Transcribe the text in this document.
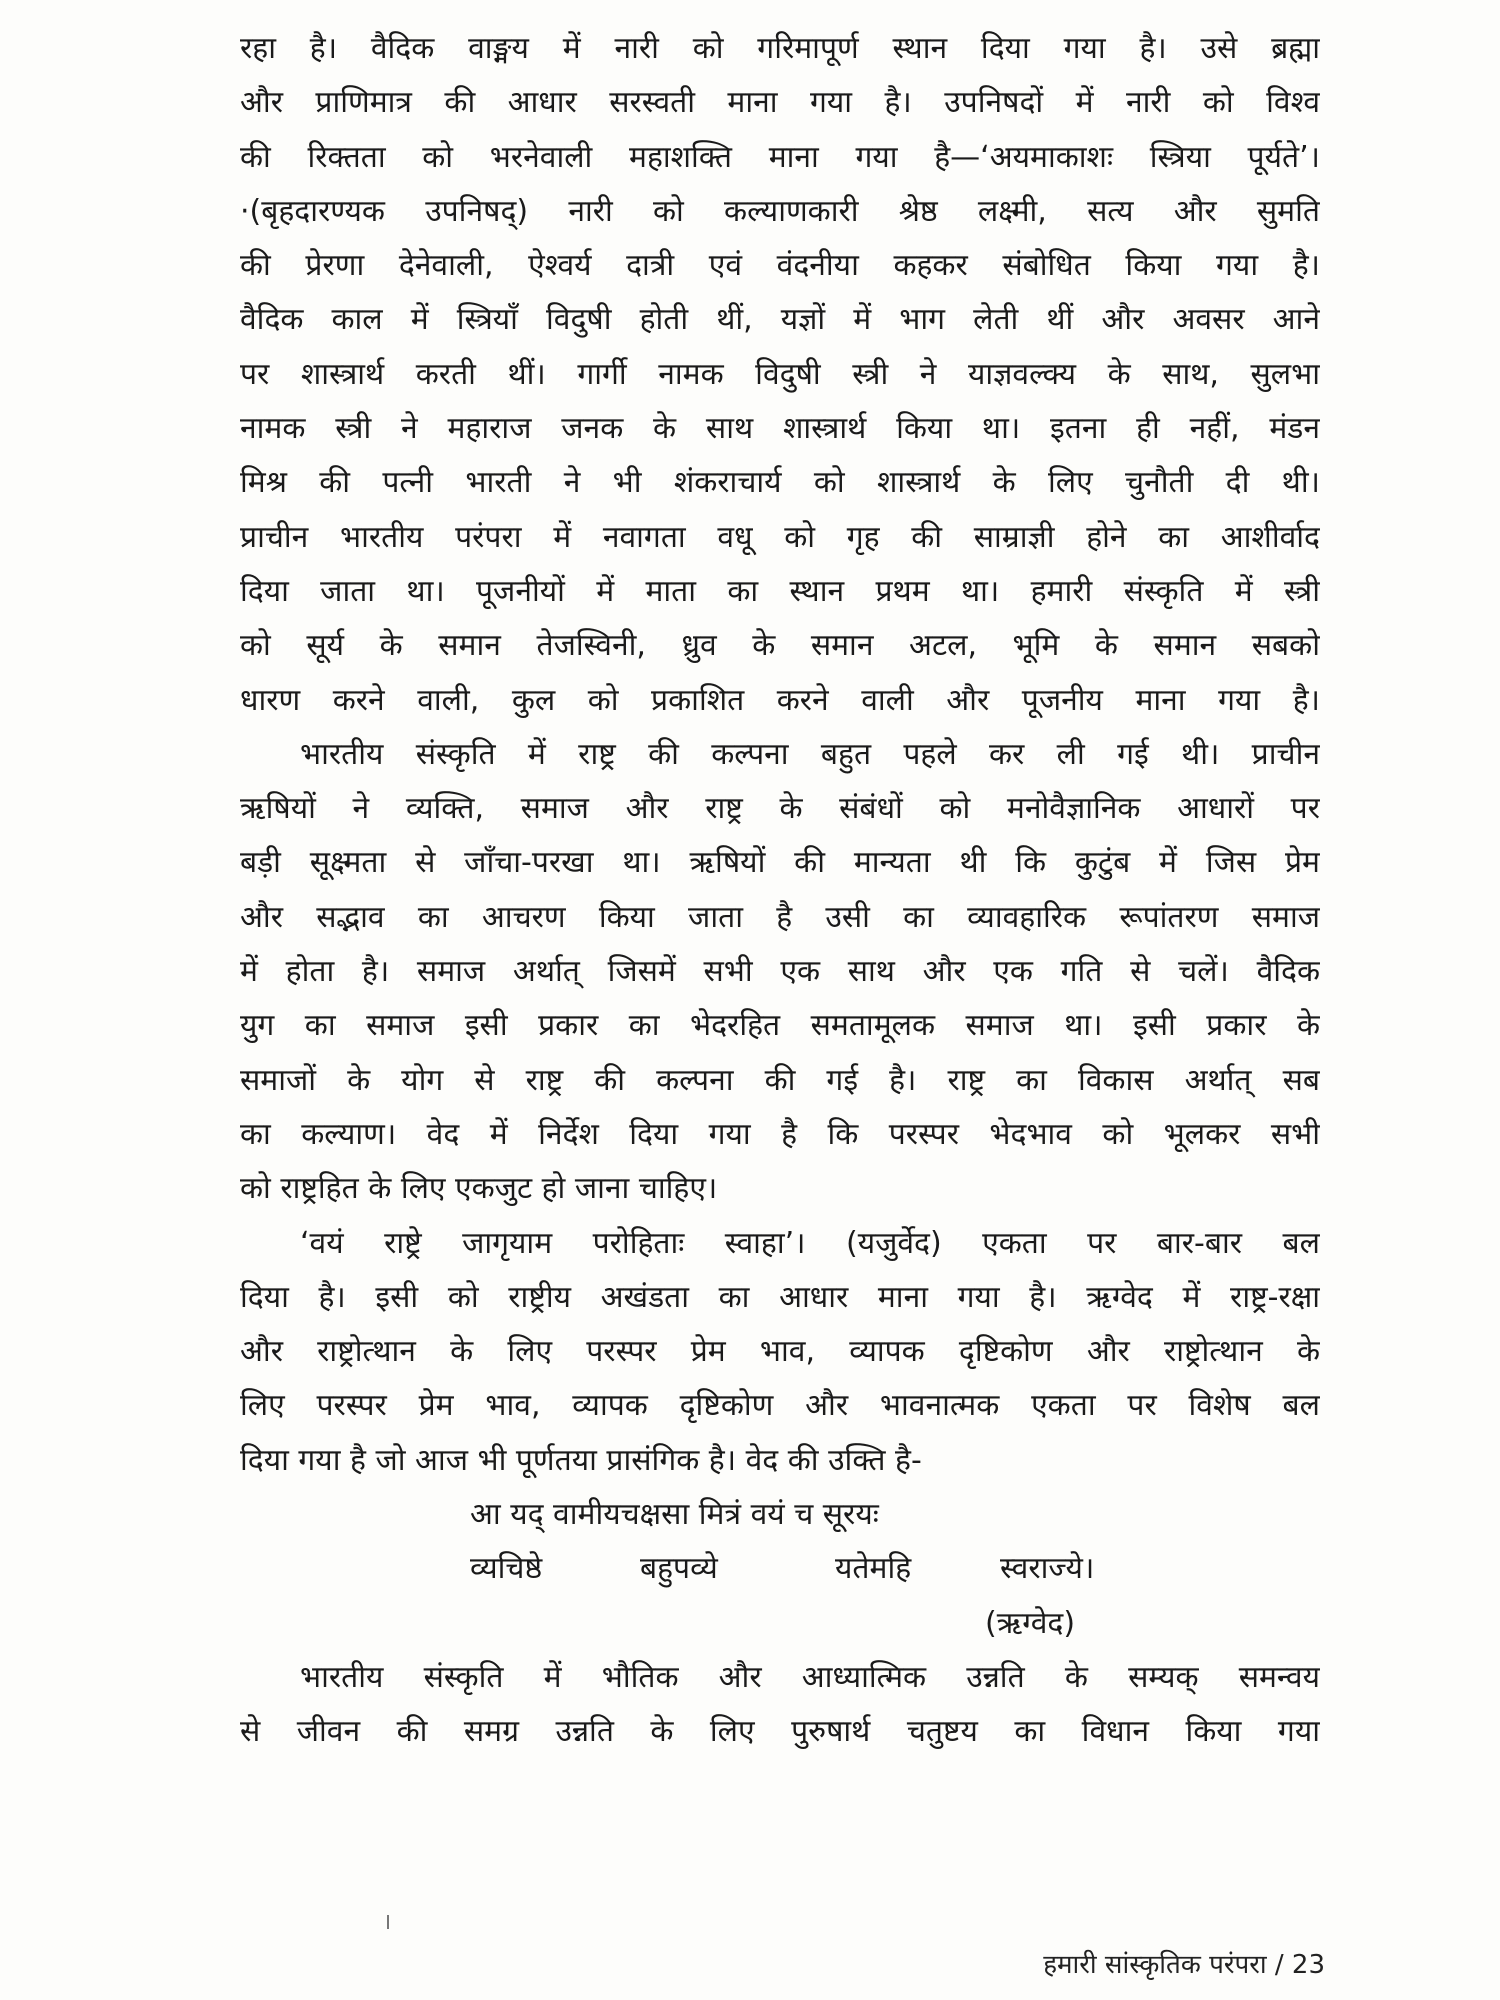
रहा है। वैदिक वाङ्मय में नारी को गरिमापूर्ण स्थान दिया गया है। उसे ब्रह्मा
और प्राणिमात्र की आधार सरस्वती माना गया है। उपनिषदों में नारी को विश्व
की रिक्तता को भरनेवाली महाशक्ति माना गया है—‘अयमाकाशः स्त्रिया पूर्यते’।
·(बृहदारण्यक उपनिषद्) नारी को कल्याणकारी श्रेष्ठ लक्ष्मी, सत्य और सुमति
की प्रेरणा देनेवाली, ऐश्वर्य दात्री एवं वंदनीया कहकर संबोधित किया गया है।
वैदिक काल में स्त्रियाँ विदुषी होती थीं, यज्ञों में भाग लेती थीं और अवसर आने
पर शास्त्रार्थ करती थीं। गार्गी नामक विदुषी स्त्री ने याज्ञवल्क्य के साथ, सुलभा
नामक स्त्री ने महाराज जनक के साथ शास्त्रार्थ किया था। इतना ही नहीं, मंडन
मिश्र की पत्नी भारती ने भी शंकराचार्य को शास्त्रार्थ के लिए चुनौती दी थी।
प्राचीन भारतीय परंपरा में नवागता वधू को गृह की साम्राज्ञी होने का आशीर्वाद
दिया जाता था। पूजनीयों में माता का स्थान प्रथम था। हमारी संस्कृति में स्त्री
को सूर्य के समान तेजस्विनी, ध्रुव के समान अटल, भूमि के समान सबको
धारण करने वाली, कुल को प्रकाशित करने वाली और पूजनीय माना गया है।
भारतीय संस्कृति में राष्ट्र की कल्पना बहुत पहले कर ली गई थी। प्राचीन
ऋषियों ने व्यक्ति, समाज और राष्ट्र के संबंधों को मनोवैज्ञानिक आधारों पर
बड़ी सूक्ष्मता से जाँचा-परखा था। ऋषियों की मान्यता थी कि कुटुंब में जिस प्रेम
और सद्भाव का आचरण किया जाता है उसी का व्यावहारिक रूपांतरण समाज
में होता है। समाज अर्थात् जिसमें सभी एक साथ और एक गति से चलें। वैदिक
युग का समाज इसी प्रकार का भेदरहित समतामूलक समाज था। इसी प्रकार के
समाजों के योग से राष्ट्र की कल्पना की गई है। राष्ट्र का विकास अर्थात् सब
का कल्याण। वेद में निर्देश दिया गया है कि परस्पर भेदभाव को भूलकर सभी
को राष्ट्रहित के लिए एकजुट हो जाना चाहिए।
‘वयं राष्ट्रे जागृयाम परोहिताः स्वाहा’। (यजुर्वेद) एकता पर बार-बार बल
दिया है। इसी को राष्ट्रीय अखंडता का आधार माना गया है। ऋग्वेद में राष्ट्र-रक्षा
और राष्ट्रोत्थान के लिए परस्पर प्रेम भाव, व्यापक दृष्टिकोण और राष्ट्रोत्थान के
लिए परस्पर प्रेम भाव, व्यापक दृष्टिकोण और भावनात्मक एकता पर विशेष बल
दिया गया है जो आज भी पूर्णतया प्रासंगिक है। वेद की उक्ति है-
आ यद् वामीयचक्षसा मित्रं वयं च सूरयः
व्यचिष्ठे	बहुपव्ये	यतेमहि	स्वराज्ये।
(ऋग्वेद)
भारतीय संस्कृति में भौतिक और आध्यात्मिक उन्नति के सम्यक् समन्वय
से जीवन की समग्र उन्नति के लिए पुरुषार्थ चतुष्टय का विधान किया गया
हमारी सांस्कृतिक परंपरा / 23
